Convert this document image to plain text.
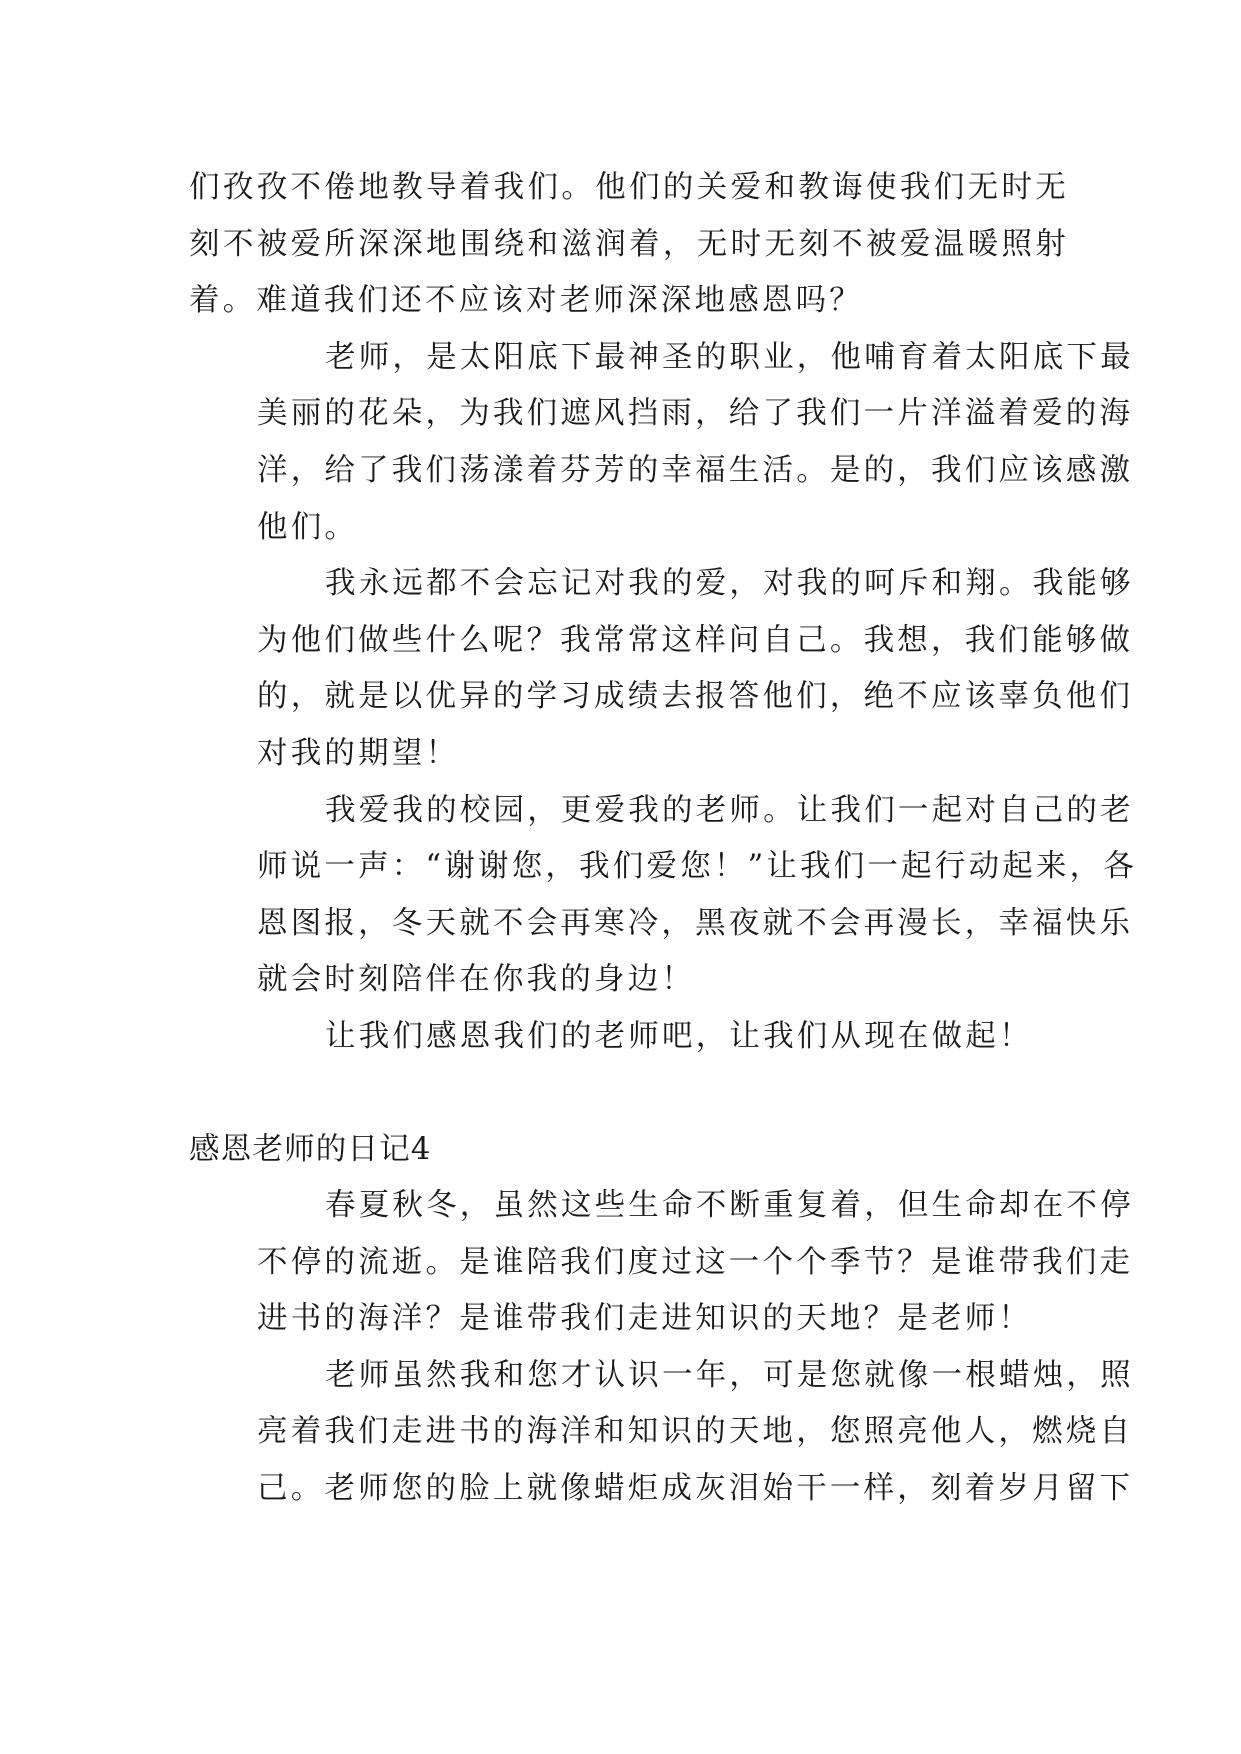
们孜孜不倦地教导着我们。他们的关爱和教诲使我们无时无
刻不被爱所深深地围绕和滋润着，无时无刻不被爱温暖照射
着。难道我们还不应该对老师深深地感恩吗？
老师，是太阳底下最神圣的职业，他哺育着太阳底下最
美丽的花朵，为我们遮风挡雨，给了我们一片洋溢着爱的海
洋，给了我们荡漾着芬芳的幸福生活。是的，我们应该感激
他们。
我永远都不会忘记对我的爱，对我的呵斥和翔。我能够
为他们做些什么呢？我常常这样问自己。我想，我们能够做
的，就是以优异的学习成绩去报答他们，绝不应该辜负他们
对我的期望！
我爱我的校园，更爱我的老师。让我们一起对自己的老
师说一声：“谢谢您，我们爱您！”让我们一起行动起来，各
恩图报，冬天就不会再寒冷，黑夜就不会再漫长，幸福快乐
就会时刻陪伴在你我的身边！
让我们感恩我们的老师吧，让我们从现在做起！
感恩老师的日记4
春夏秋冬，虽然这些生命不断重复着，但生命却在不停
不停的流逝。是谁陪我们度过这一个个季节？是谁带我们走
进书的海洋？是谁带我们走进知识的天地？是老师！
老师虽然我和您才认识一年，可是您就像一根蜡烛，照
亮着我们走进书的海洋和知识的天地，您照亮他人，燃烧自
己。老师您的脸上就像蜡炬成灰泪始干一样，刻着岁月留下
